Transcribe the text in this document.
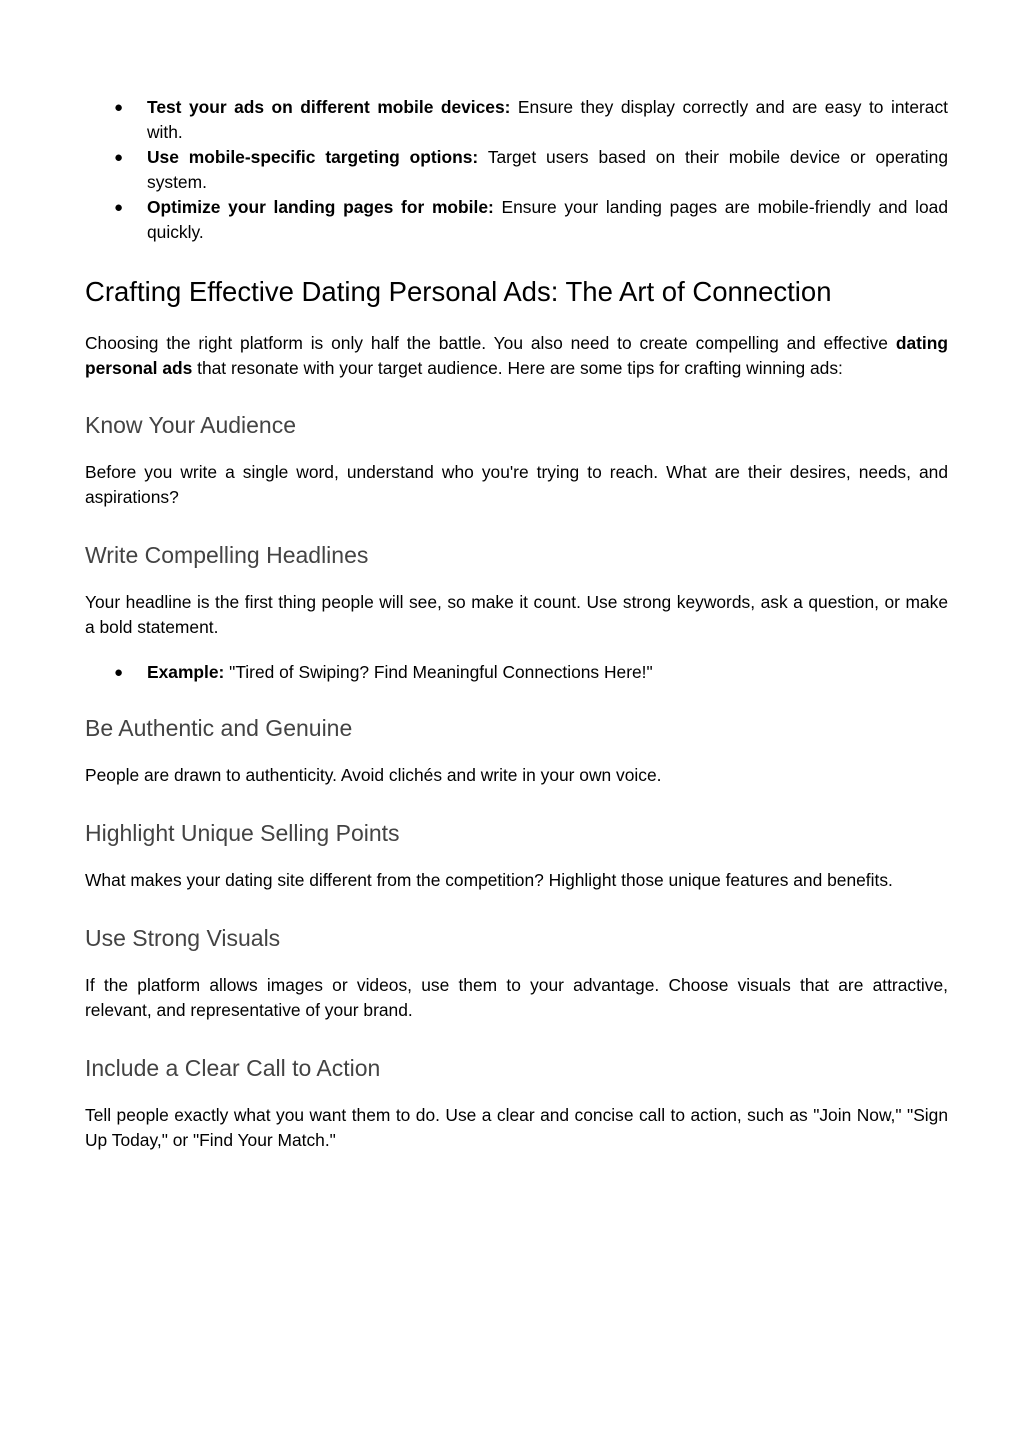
● Test your ads on different mobile devices: Ensure they display correctly and are easy to interact with.
● Use mobile-specific targeting options: Target users based on their mobile device or operating system.
● Optimize your landing pages for mobile: Ensure your landing pages are mobile-friendly and load quickly.
Crafting Effective Dating Personal Ads: The Art of Connection

Choosing the right platform is only half the battle. You also need to create compelling and effective dating personal ads that resonate with your target audience. Here are some tips for crafting winning ads:

Know Your Audience

Before you write a single word, understand who you're trying to reach. What are their desires, needs, and aspirations?

Write Compelling Headlines

Your headline is the first thing people will see, so make it count. Use strong keywords, ask a question, or make a bold statement.

● Example: "Tired of Swiping? Find Meaningful Connections Here!"
Be Authentic and Genuine

People are drawn to authenticity. Avoid clichés and write in your own voice.

Highlight Unique Selling Points

What makes your dating site different from the competition? Highlight those unique features and benefits.

Use Strong Visuals

If the platform allows images or videos, use them to your advantage. Choose visuals that are attractive, relevant, and representative of your brand.

Include a Clear Call to Action

Tell people exactly what you want them to do. Use a clear and concise call to action, such as "Join Now," "Sign Up Today," or "Find Your Match."
